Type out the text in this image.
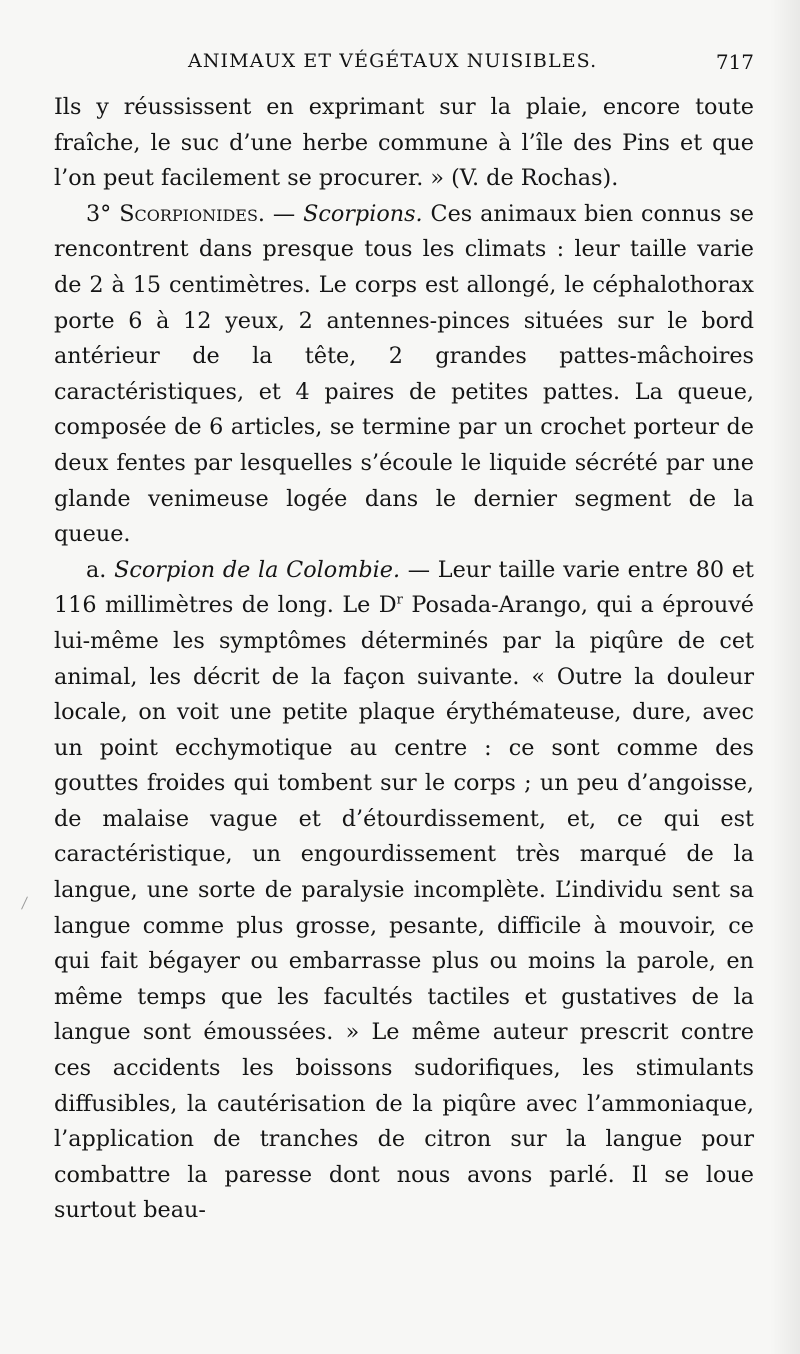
ANIMAUX ET VÉGÉTAUX NUISIBLES.	717

Ils y réussissent en exprimant sur la plaie, encore toute fraîche, le suc d’une herbe commune à l’île des Pins et que l’on peut facilement se procurer. » (V. de Rochas).

3° Scorpionides. — Scorpions. Ces animaux bien connus se rencontrent dans presque tous les climats : leur taille varie de 2 à 15 centimètres. Le corps est allongé, le céphalothorax porte 6 à 12 yeux, 2 antennes-pinces situées sur le bord antérieur de la tête, 2 grandes pattes-mâchoires caractéristiques, et 4 paires de petites pattes. La queue, composée de 6 articles, se termine par un crochet porteur de deux fentes par lesquelles s’écoule le liquide sécrété par une glande venimeuse logée dans le dernier segment de la queue.

a. Scorpion de la Colombie. — Leur taille varie entre 80 et 116 millimètres de long. Le $D^r$ Posada-Arango, qui a éprouvé lui-même les symptômes déterminés par la piqûre de cet animal, les décrit de la façon suivante. « Outre la douleur locale, on voit une petite plaque érythémateuse, dure, avec un point ecchymotique au centre : ce sont comme des gouttes froides qui tombent sur le corps ; un peu d’angoisse, de malaise vague et d’étourdissement, et, ce qui est caractéristique, un engourdissement très marqué de la langue, une sorte de paralysie incomplète. L’individu sent sa langue comme plus grosse, pesante, difficile à mouvoir, ce qui fait bégayer ou embarrasse plus ou moins la parole, en même temps que les facultés tactiles et gustatives de la langue sont émoussées. » Le même auteur prescrit contre ces accidents les boissons sudorifiques, les stimulants diffusibles, la cautérisation de la piqûre avec l’ammoniaque, l’application de tranches de citron sur la langue pour combattre la paresse dont nous avons parlé. Il se loue surtout beau-
